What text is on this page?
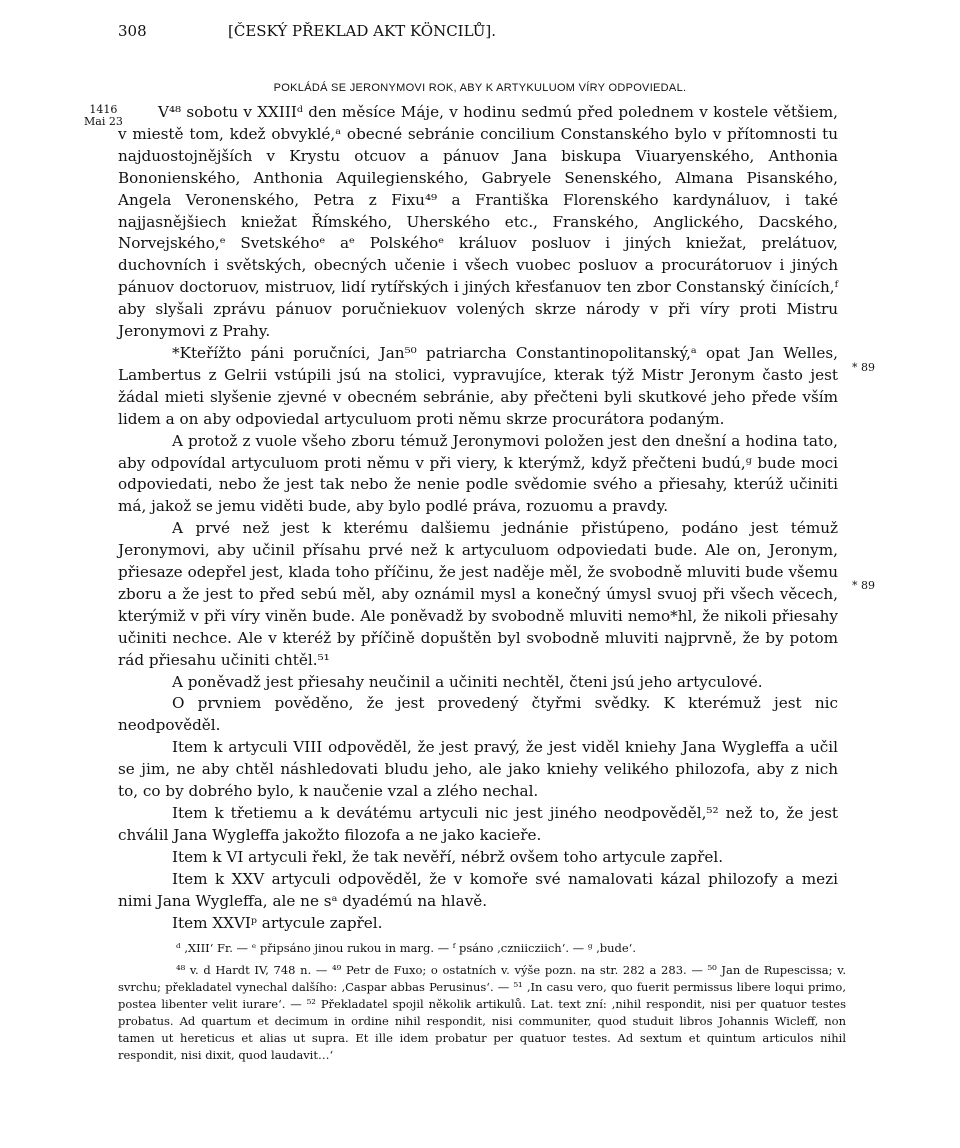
308	[ČESKÝ PŘEKLAD AKT KÖNCILŮ].
POKLÁDÁ SE JERONYMOVI ROK, ABY K ARTYKULUOM VÍRY ODPOVIEDAL.
1416
Mai 23
* 89
* 89

V⁴⁸ sobotu v XXIIIᵈ den měsíce Máje, v hodinu sedmú před polednem v kostele většiem, v miestě tom, kdež obvyklé,ᵃ obecné sebránie concilium Constanského bylo v přítomnosti tu najduostojnějších v Krystu otcuov a pánuov Jana biskupa Viuaryenského, Anthonia Bononienského, Anthonia Aquilegienského, Gabryele Senenského, Almana Pisanského, Angela Veronenského, Petra z Fixu⁴⁹ a Františka Florenského kardynáluov, i také najjasnějšiech kniežat Římského, Uherského etc., Franského, Anglického, Dacského, Norvejského,ᵉ Svetskéhoᵉ aᵉ Polskéhoᵉ králuov posluov i jiných kniežat, prelátuov, duchovních i světských, obecných učenie i všech vuobec posluov a procurátoruov i jiných pánuov doctoruov, mistruov, lidí rytířských i jiných křesťanuov ten zbor Constanský činících,ᶠ aby slyšali zprávu pánuov poručniekuov volených skrze národy v při víry proti Mistru Jeronymovi z Prahy.

*Kteřížto páni poručníci, Jan⁵⁰ patriarcha Constantinopolitanský,ᵃ opat Jan Welles, Lambertus z Gelrii vstúpili jsú na stolici, vypravujíce, kterak týž Mistr Jeronym často jest žádal mieti slyšenie zjevné v obecném sebránie, aby přečteni byli skutkové jeho přede vším lidem a on aby odpoviedal artyculuom proti němu skrze procurátora podaným.

A protož z vuole všeho zboru témuž Jeronymovi položen jest den dnešní a hodina tato, aby odpovídal artyculuom proti němu v při viery, k kterýmž, když přečteni budú,ᵍ bude moci odpoviedati, nebo že jest tak nebo že nenie podle svědomie svého a přiesahy, kterúž učiniti má, jakož se jemu viděti bude, aby bylo podlé práva, rozuomu a pravdy.

A prvé než jest k kterému dalšiemu jednánie přistúpeno, podáno jest témuž Jeronymovi, aby učinil přísahu prvé než k artyculuom odpoviedati bude. Ale on, Jeronym, přiesaze odepřel jest, klada toho příčinu, že jest naděje měl, že svobodně mluviti bude všemu zboru a že jest to před sebú měl, aby oznámil mysl a konečný úmysl svuoj při všech věcech, kterýmiž v při víry viněn bude. Ale poněvadž by svobodně mluviti nemo*hl, že nikoli přiesahy učiniti nechce. Ale v kteréž by příčině dopuštěn byl svobodně mluviti najprvně, že by potom rád přiesahu učiniti chtěl.⁵¹

A poněvadž jest přiesahy neučinil a učiniti nechtěl, čteni jsú jeho artyculové.

O prvniem pověděno, že jest provedený čtyřmi svědky. K kterémuž jest nic neodpověděl.

Item k artyculi VIII odpověděl, že jest pravý, že jest viděl kniehy Jana Wygleffa a učil se jim, ne aby chtěl náshledovati bludu jeho, ale jako kniehy velikého philozofa, aby z nich to, co by dobrého bylo, k naučenie vzal a zlého nechal.

Item k třetiemu a k devátému artyculi nic jest jiného neodpověděl,⁵² než to, že jest chválil Jana Wygleffa jakožto filozofa a ne jako kacieře.

Item k VI artyculi řekl, že tak nevěří, nébrž ovšem toho artycule zapřel.

Item k XXV artyculi odpověděl, že v komoře své namalovati kázal philozofy a mezi nimi Jana Wygleffa, ale ne sᵃ dyadémú na hlavě.

Item XXVIᵖ artycule zapřel.

ᵈ ‚XIII‘ Fr. — ᵉ připsáno jinou rukou in marg. — ᶠ psáno ‚czniicziich‘. — ᵍ ‚bude‘.

⁴⁸ v. d Hardt IV, 748 n. — ⁴⁹ Petr de Fuxo; o ostatních v. výše pozn. na str. 282 a 283. — ⁵⁰ Jan de Rupescissa; v. svrchu; překladatel vynechal dalšího: ‚Caspar abbas Perusinus‘. — ⁵¹ ‚In casu vero, quo fuerit permissus libere loqui primo, postea libenter velit iurare‘. — ⁵² Překladatel spojil několik artikulů. Lat. text zní: ‚nihil respondit, nisi per quatuor testes probatus. Ad quartum et decimum in ordine nihil respondit, nisi communiter, quod studuit libros Johannis Wicleff, non tamen ut hereticus et alias ut supra. Et ille idem probatur per quatuor testes. Ad sextum et quintum articulos nihil respondit, nisi dixit, quod laudavit…‘
